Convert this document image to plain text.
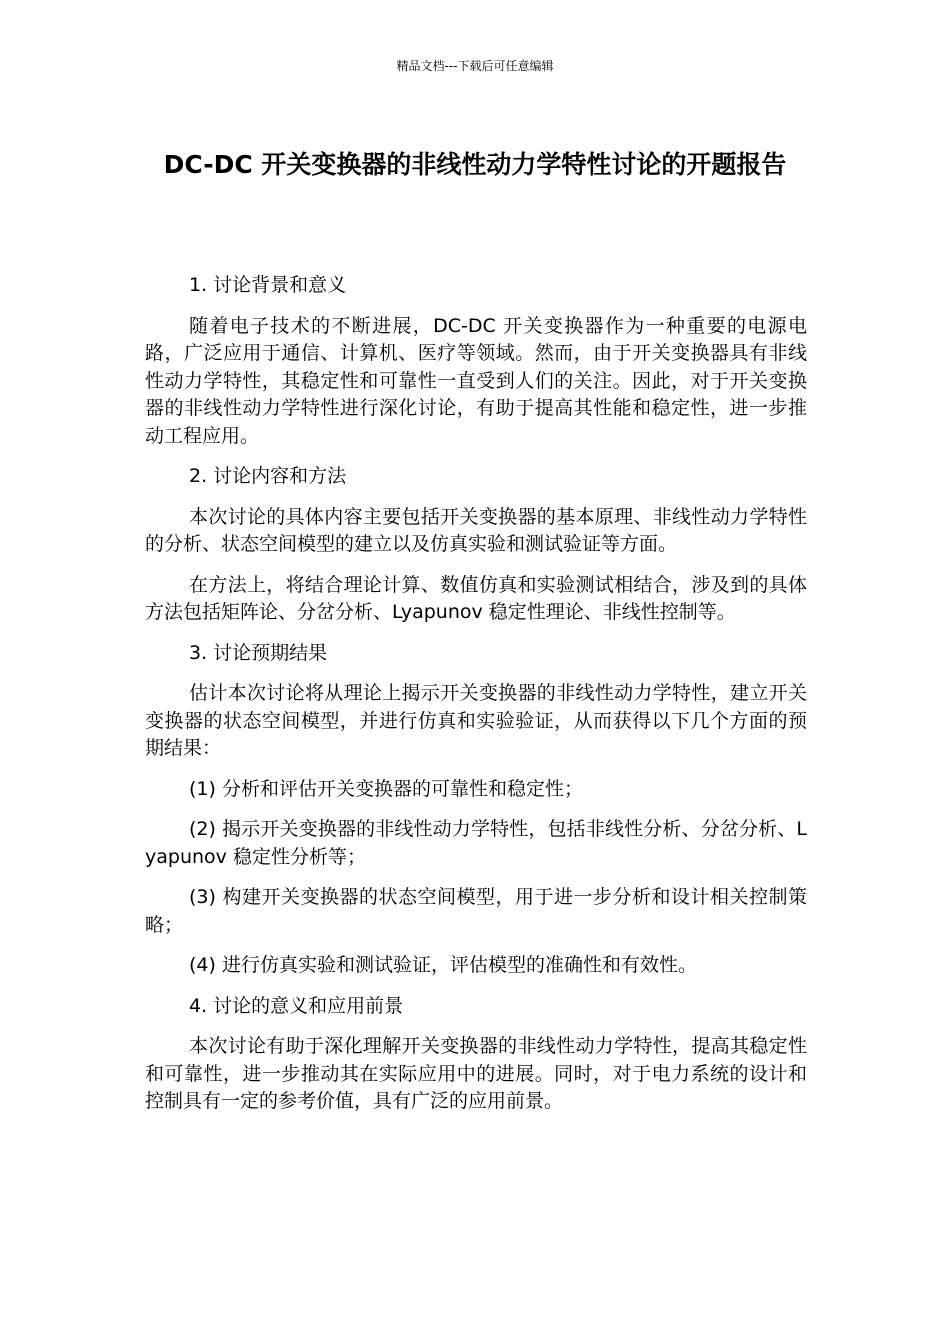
精品文档---下载后可任意编辑
DC-DC 开关变换器的非线性动力学特性讨论的开题报告

1. 讨论背景和意义

随着电子技术的不断进展，DC-DC 开关变换器作为一种重要的电源电路，广泛应用于通信、计算机、医疗等领域。然而，由于开关变换器具有非线性动力学特性，其稳定性和可靠性一直受到人们的关注。因此，对于开关变换器的非线性动力学特性进行深化讨论，有助于提高其性能和稳定性，进一步推动工程应用。

2. 讨论内容和方法

本次讨论的具体内容主要包括开关变换器的基本原理、非线性动力学特性的分析、状态空间模型的建立以及仿真实验和测试验证等方面。

在方法上，将结合理论计算、数值仿真和实验测试相结合，涉及到的具体方法包括矩阵论、分岔分析、Lyapunov 稳定性理论、非线性控制等。

3. 讨论预期结果

估计本次讨论将从理论上揭示开关变换器的非线性动力学特性，建立开关变换器的状态空间模型，并进行仿真和实验验证，从而获得以下几个方面的预期结果：

(1) 分析和评估开关变换器的可靠性和稳定性；

(2) 揭示开关变换器的非线性动力学特性，包括非线性分析、分岔分析、Lyapunov 稳定性分析等；

(3) 构建开关变换器的状态空间模型，用于进一步分析和设计相关控制策略；

(4) 进行仿真实验和测试验证，评估模型的准确性和有效性。

4. 讨论的意义和应用前景

本次讨论有助于深化理解开关变换器的非线性动力学特性，提高其稳定性和可靠性，进一步推动其在实际应用中的进展。同时，对于电力系统的设计和控制具有一定的参考价值，具有广泛的应用前景。
